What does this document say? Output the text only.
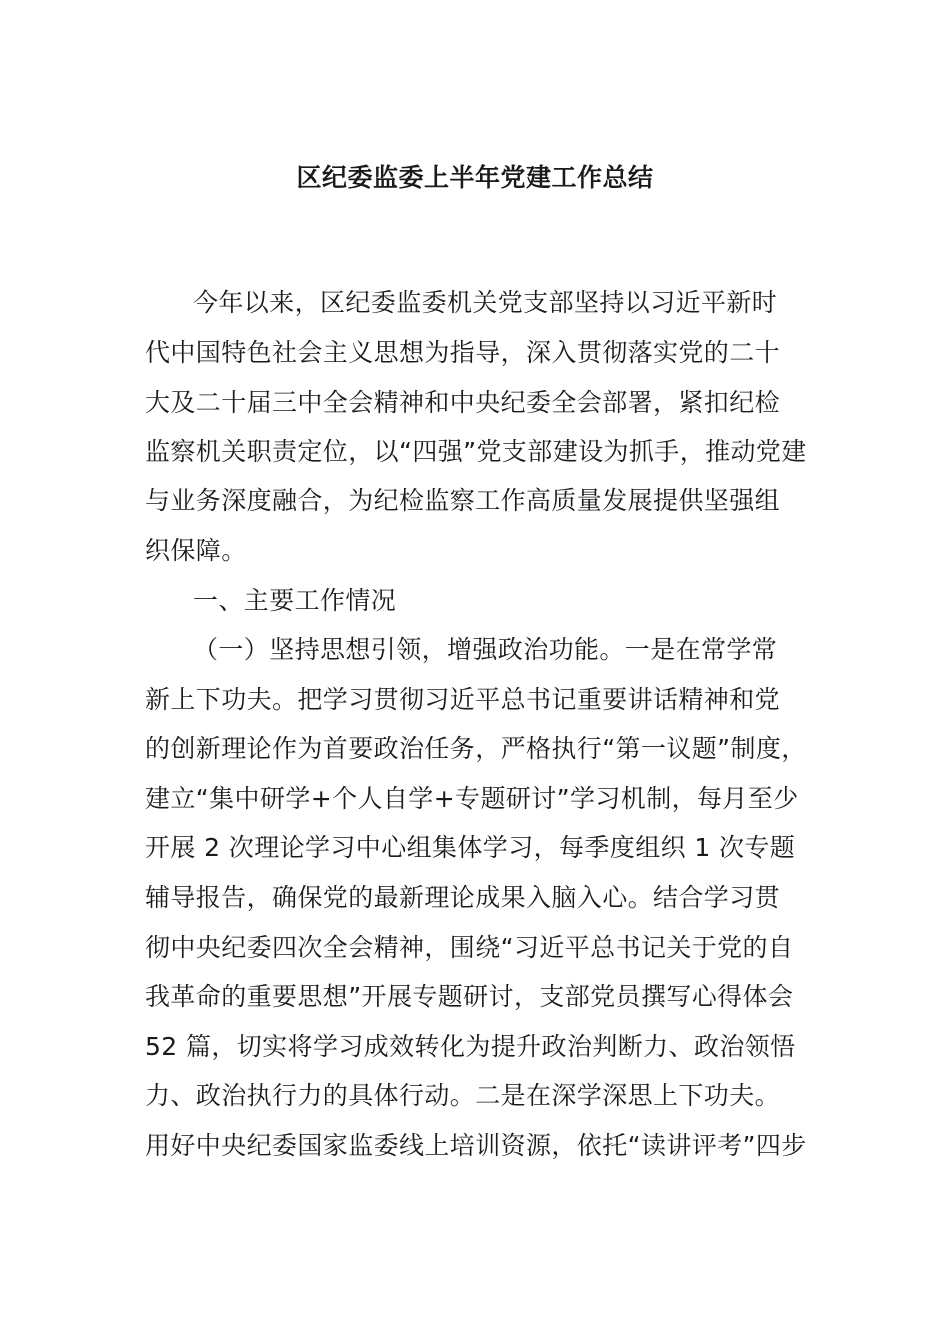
区纪委监委上半年党建工作总结
今年以来，区纪委监委机关党支部坚持以习近平新时
代中国特色社会主义思想为指导，深入贯彻落实党的二十
大及二十届三中全会精神和中央纪委全会部署，紧扣纪检
监察机关职责定位，以“四强”党支部建设为抓手，推动党建
与业务深度融合，为纪检监察工作高质量发展提供坚强组
织保障。
一、主要工作情况
（一）坚持思想引领，增强政治功能。一是在常学常
新上下功夫。把学习贯彻习近平总书记重要讲话精神和党
的创新理论作为首要政治任务，严格执行“第一议题”制度，
建立“集中研学+个人自学+专题研讨”学习机制，每月至少
开展 2 次理论学习中心组集体学习，每季度组织 1 次专题
辅导报告，确保党的最新理论成果入脑入心。结合学习贯
彻中央纪委四次全会精神，围绕“习近平总书记关于党的自
我革命的重要思想”开展专题研讨，支部党员撰写心得体会
52 篇，切实将学习成效转化为提升政治判断力、政治领悟
力、政治执行力的具体行动。二是在深学深思上下功夫。
用好中央纪委国家监委线上培训资源，依托“读讲评考”四步
